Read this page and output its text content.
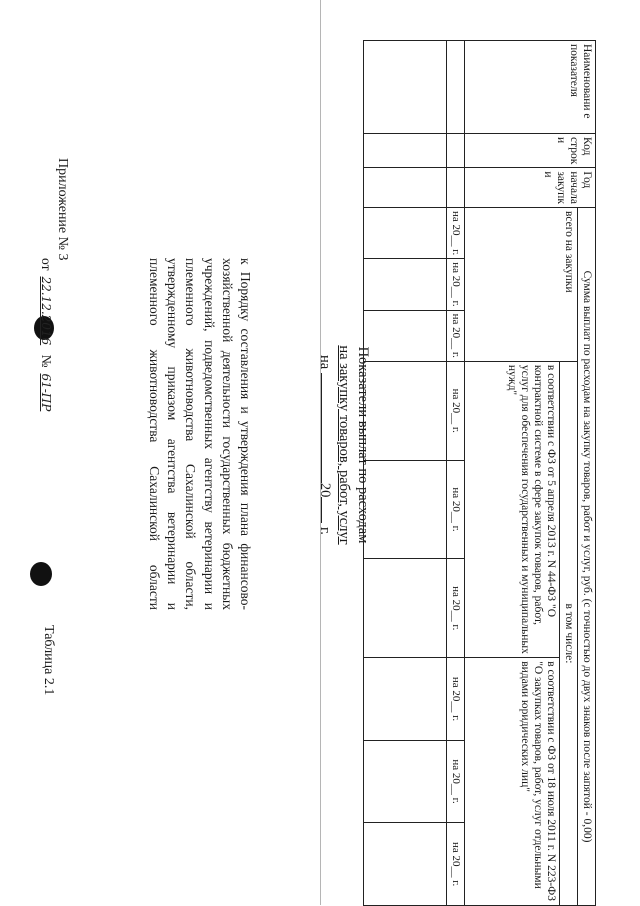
Приложение № 3
к Порядку составления и утверждения плана финансово-хозяйственной деятельности государственных бюджетных учреждений, подведомственных агентству ветеринарии и племенного животноводства Сахалинской области, утвержденному приказом агентства ветеринарии и племенного животноводства Сахалинской области
от22.12.2016 №61-ПР
Таблица 2.1
Показатели выплат по расходам
на закупку товаров, работ, услуг
на 20 г.
Наименовани е показателя	Код строк и	Год начала закупк и	Сумма выплат по расходам на закупку товаров, работ и услуг, руб. (с точностью до двух знаков после запятой - 0,00)								
			всего на закупки			в том числе:					
						в соответствии с ФЗ от 5 апреля 2013 г. N 44-ФЗ "О контрактной системе в сфере закупок товаров, работ, услуг для обеспечения государственных и муниципальных нужд"			в соответствии с ФЗ от 18 июля 2011 г. N 223-ФЗ "О закупках товаров, работ, услуг отдельными видами юридических лиц"		
			на 20__ г.	на 20__ г.	на 20__ г.	на 20__ г.	на 20__ г.	на 20__ г.	на 20__ г.	на 20__ г.	на 20__ г.
